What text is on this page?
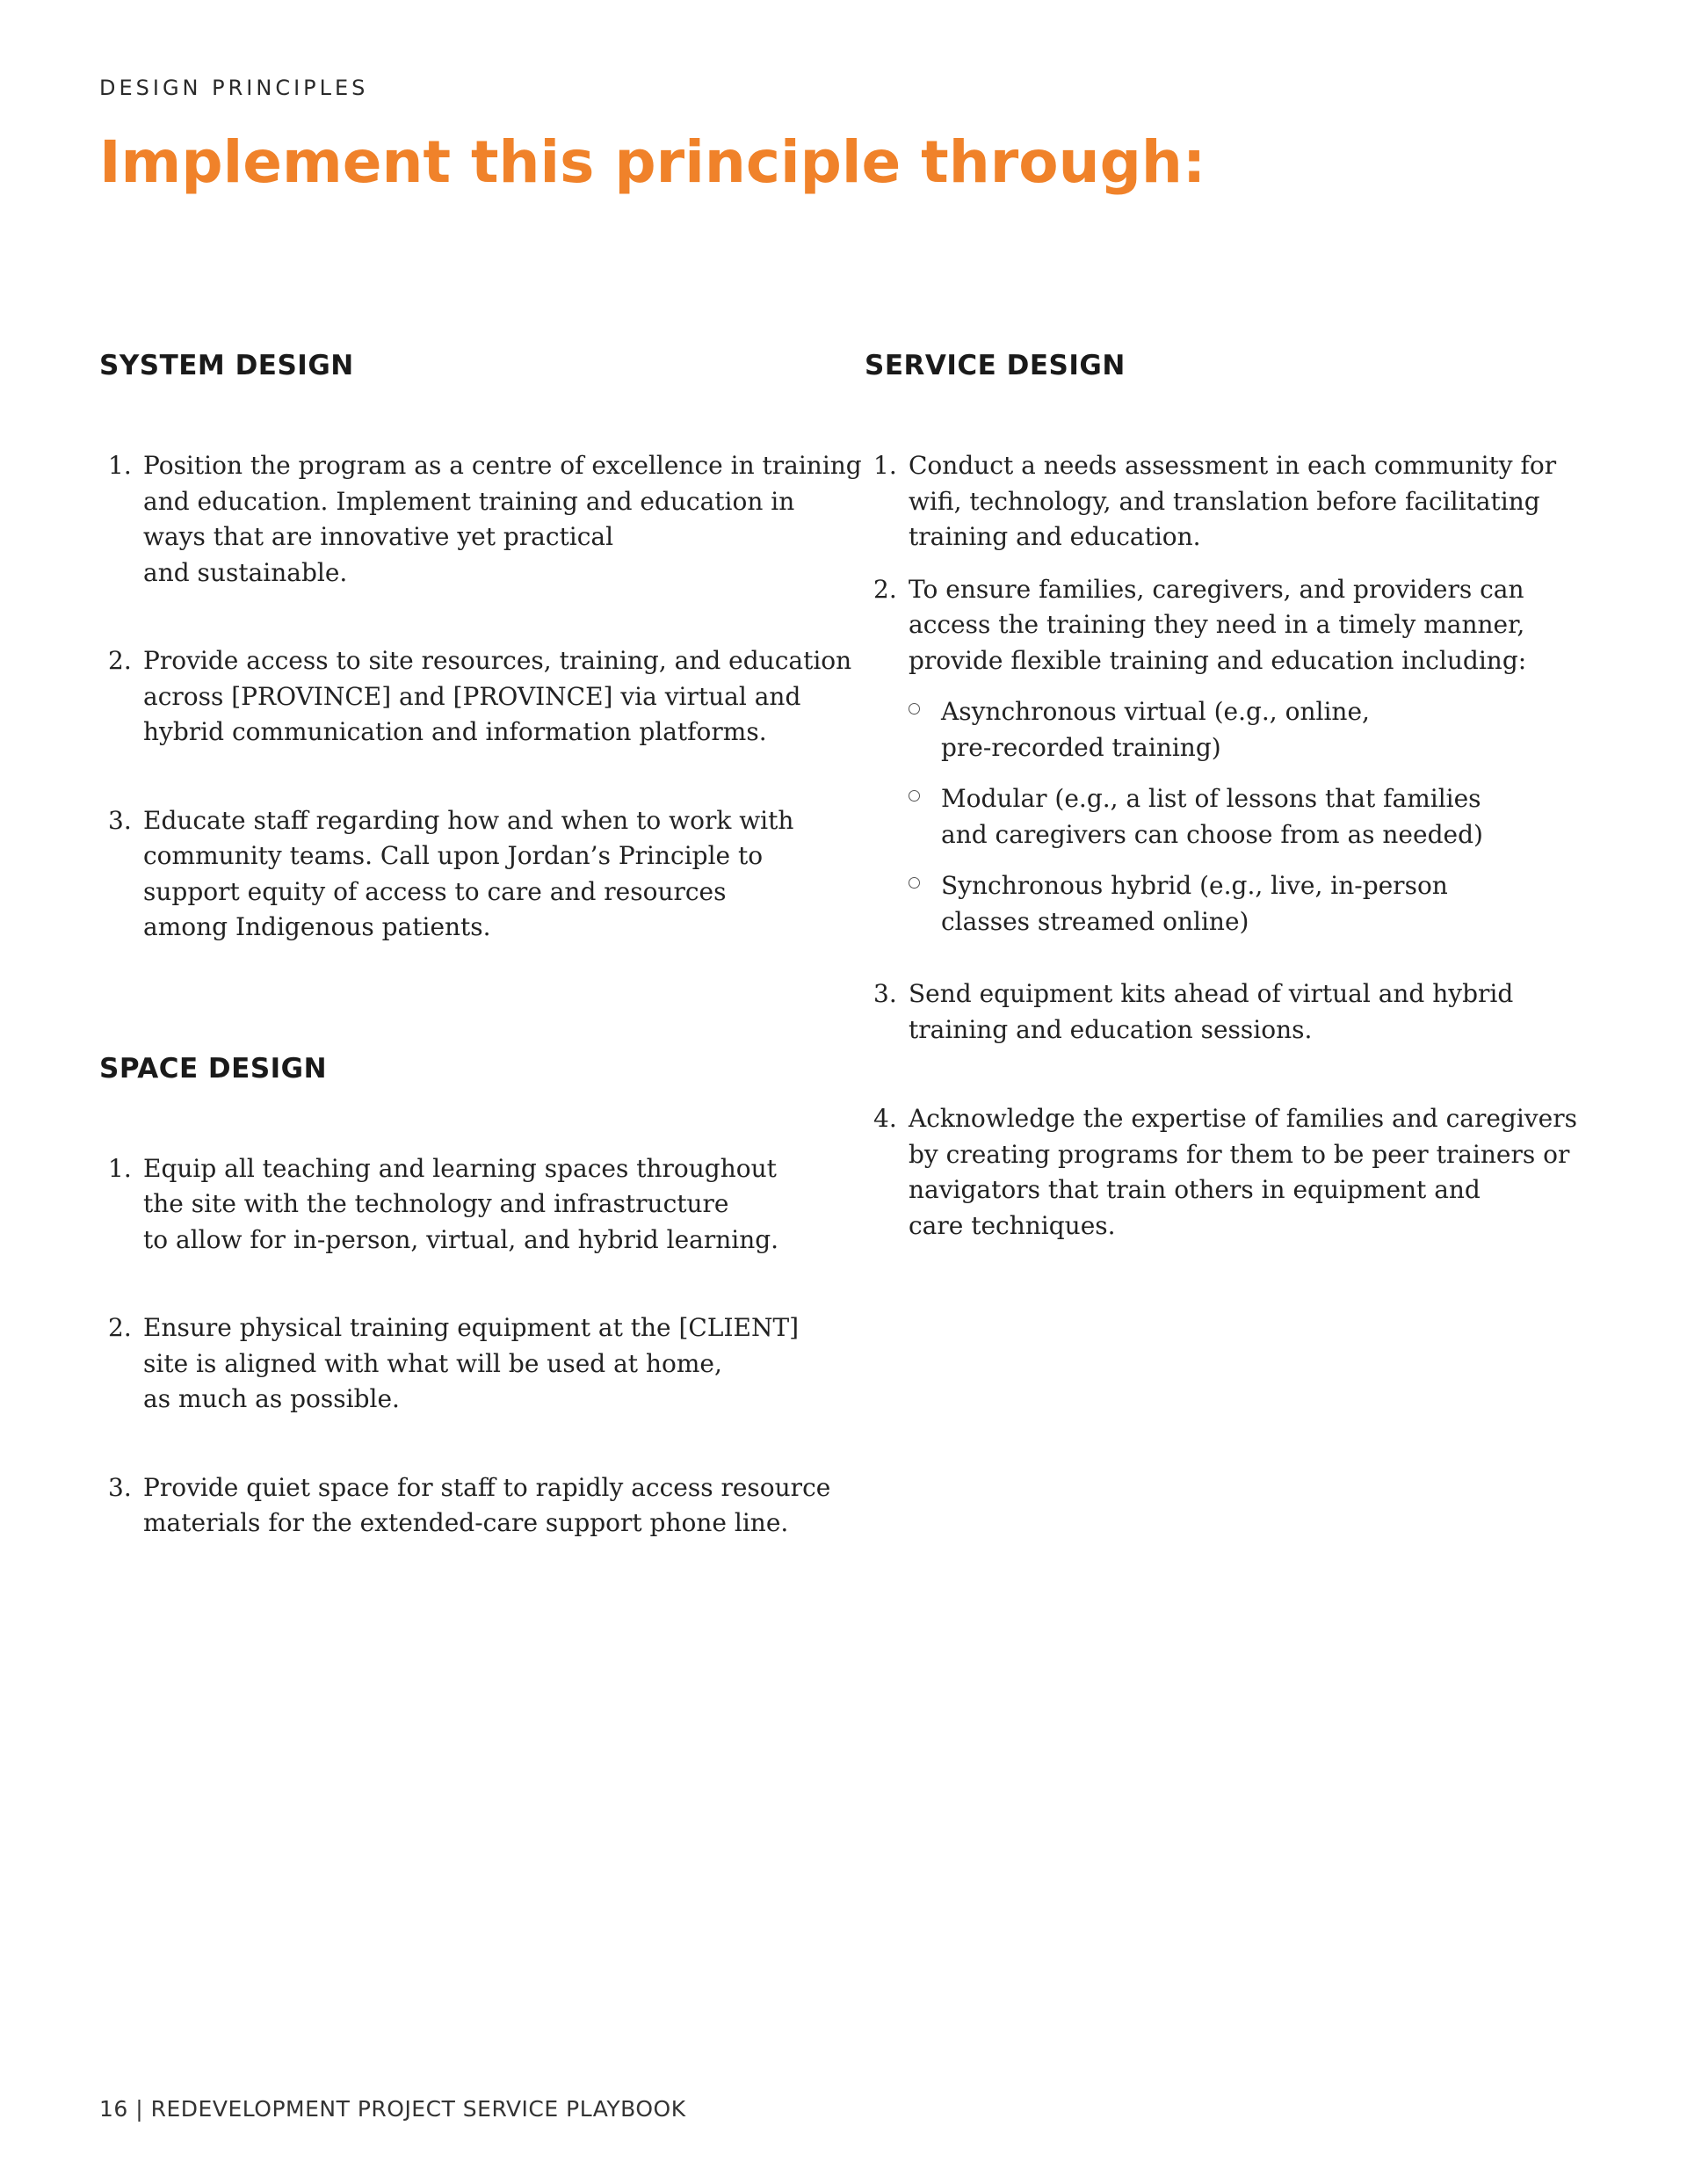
DESIGN PRINCIPLES
Implement this principle through:
SYSTEM DESIGN
1. Position the program as a centre of excellence in training
and education. Implement training and education in
ways that are innovative yet practical
and sustainable.
2. Provide access to site resources, training, and education
across [PROVINCE] and [PROVINCE] via virtual and
hybrid communication and information platforms.
3. Educate staff regarding how and when to work with
community teams. Call upon Jordan’s Principle to
support equity of access to care and resources
among Indigenous patients.
SPACE DESIGN
1. Equip all teaching and learning spaces throughout
the site with the technology and infrastructure
to allow for in-person, virtual, and hybrid learning.
2. Ensure physical training equipment at the [CLIENT]
site is aligned with what will be used at home,
as much as possible.
3. Provide quiet space for staff to rapidly access resource
materials for the extended-care support phone line.
SERVICE DESIGN
1. Conduct a needs assessment in each community for
wifi, technology, and translation before facilitating
training and education.
2. To ensure families, caregivers, and providers can
access the training they need in a timely manner,
provide flexible training and education including:
Asynchronous virtual (e.g., online,
pre-recorded training)
Modular (e.g., a list of lessons that families
and caregivers can choose from as needed)
Synchronous hybrid (e.g., live, in-person
classes streamed online)
3. Send equipment kits ahead of virtual and hybrid
training and education sessions.
4. Acknowledge the expertise of families and caregivers
by creating programs for them to be peer trainers or
navigators that train others in equipment and
care techniques.
16 | REDEVELOPMENT PROJECT SERVICE PLAYBOOK
